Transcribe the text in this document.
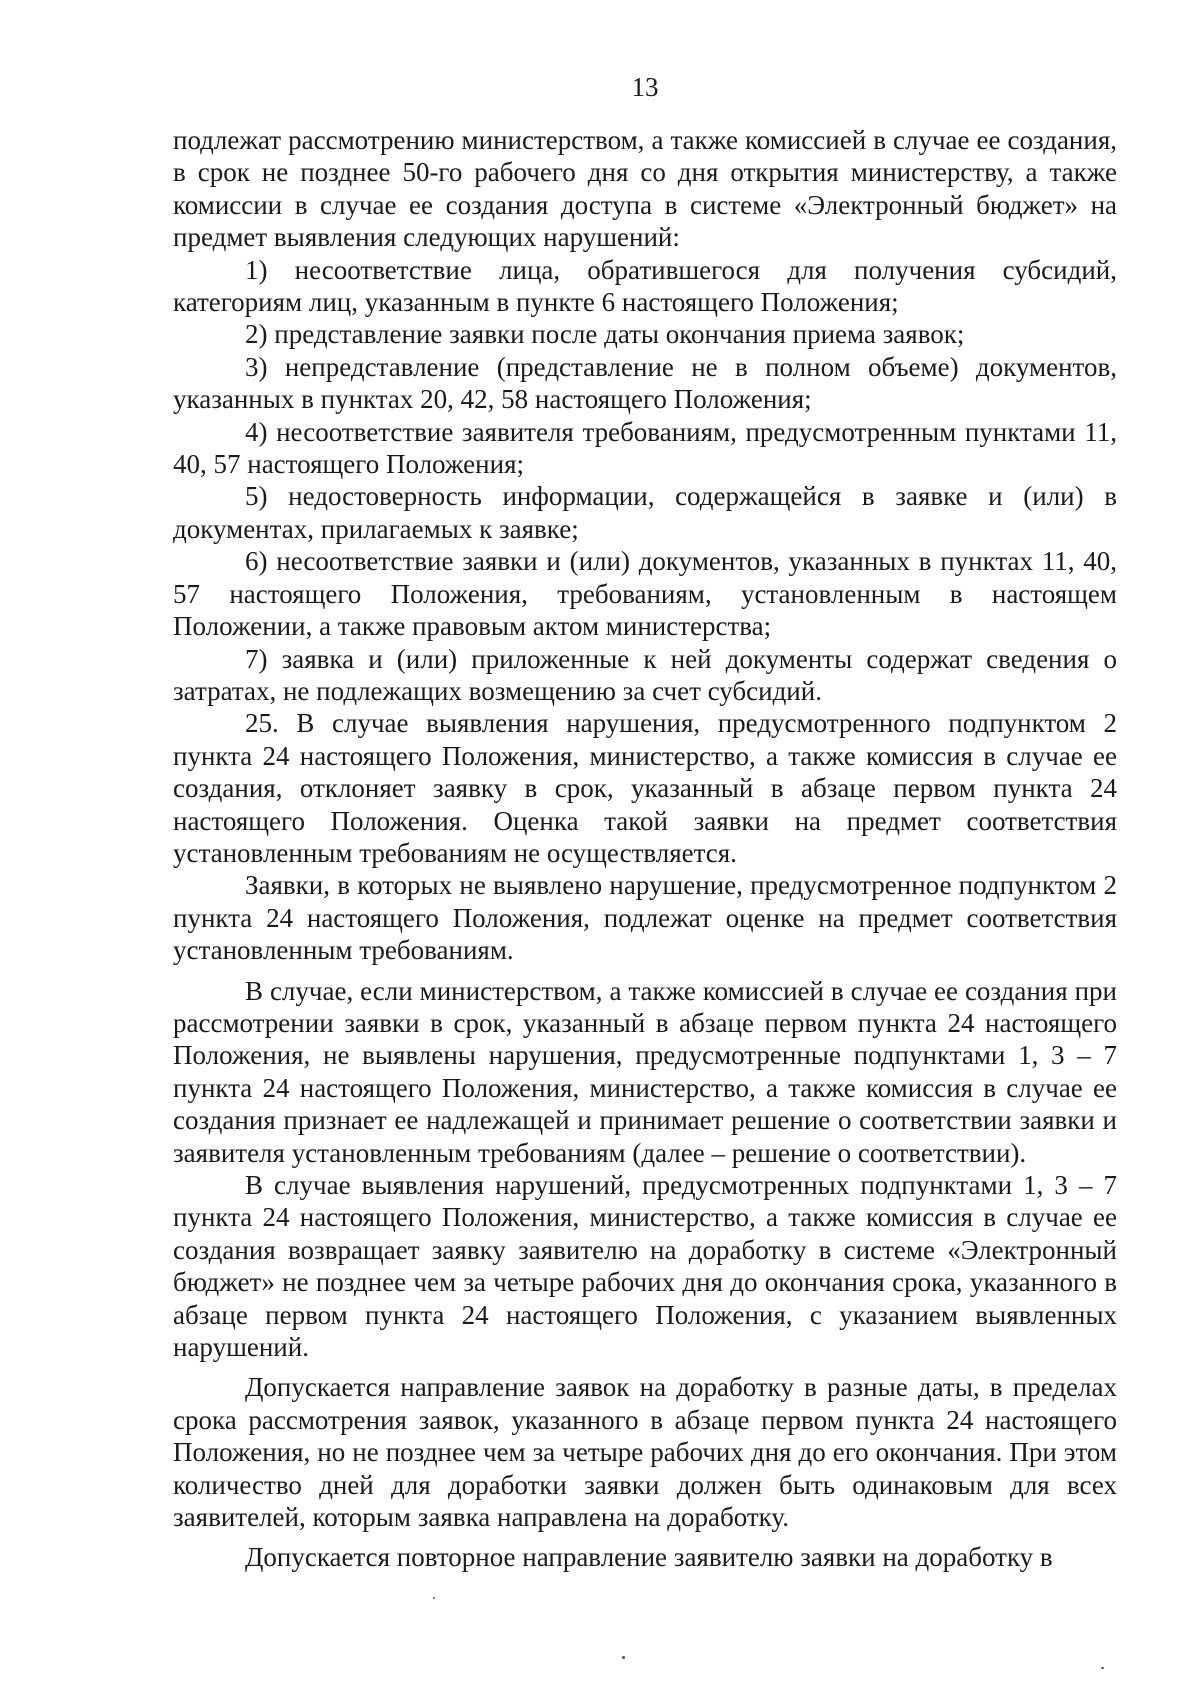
13

подлежат рассмотрению министерством, а также комиссией в случае ее создания, в срок не позднее 50-го рабочего дня со дня открытия министерству, а также комиссии в случае ее создания доступа в системе «Электронный бюджет» на предмет выявления следующих нарушений:

1) несоответствие лица, обратившегося для получения субсидий, категориям лиц, указанным в пункте 6 настоящего Положения;

2) представление заявки после даты окончания приема заявок;

3) непредставление (представление не в полном объеме) документов, указанных в пунктах 20, 42, 58 настоящего Положения;

4) несоответствие заявителя требованиям, предусмотренным пунктами 11, 40, 57 настоящего Положения;

5) недостоверность информации, содержащейся в заявке и (или) в документах, прилагаемых к заявке;

6) несоответствие заявки и (или) документов, указанных в пунктах 11, 40, 57 настоящего Положения, требованиям, установленным в настоящем Положении, а также правовым актом министерства;

7) заявка и (или) приложенные к ней документы содержат сведения о затратах, не подлежащих возмещению за счет субсидий.

25. В случае выявления нарушения, предусмотренного подпунктом 2 пункта 24 настоящего Положения, министерство, а также комиссия в случае ее создания, отклоняет заявку в срок, указанный в абзаце первом пункта 24 настоящего Положения. Оценка такой заявки на предмет соответствия установленным требованиям не осуществляется.

Заявки, в которых не выявлено нарушение, предусмотренное подпунктом 2 пункта 24 настоящего Положения, подлежат оценке на предмет соответствия установленным требованиям.

В случае, если министерством, а также комиссией в случае ее создания при рассмотрении заявки в срок, указанный в абзаце первом пункта 24 настоящего Положения, не выявлены нарушения, предусмотренные подпунктами 1, 3 – 7 пункта 24 настоящего Положения, министерство, а также комиссия в случае ее создания признает ее надлежащей и принимает решение о соответствии заявки и заявителя установленным требованиям (далее – решение о соответствии).

В случае выявления нарушений, предусмотренных подпунктами 1, 3 – 7 пункта 24 настоящего Положения, министерство, а также комиссия в случае ее создания возвращает заявку заявителю на доработку в системе «Электронный бюджет» не позднее чем за четыре рабочих дня до окончания срока, указанного в абзаце первом пункта 24 настоящего Положения, с указанием выявленных нарушений.

Допускается направление заявок на доработку в разные даты, в пределах срока рассмотрения заявок, указанного в абзаце первом пункта 24 настоящего Положения, но не позднее чем за четыре рабочих дня до его окончания. При этом количество дней для доработки заявки должен быть одинаковым для всех заявителей, которым заявка направлена на доработку.

Допускается повторное направление заявителю заявки на доработку в
